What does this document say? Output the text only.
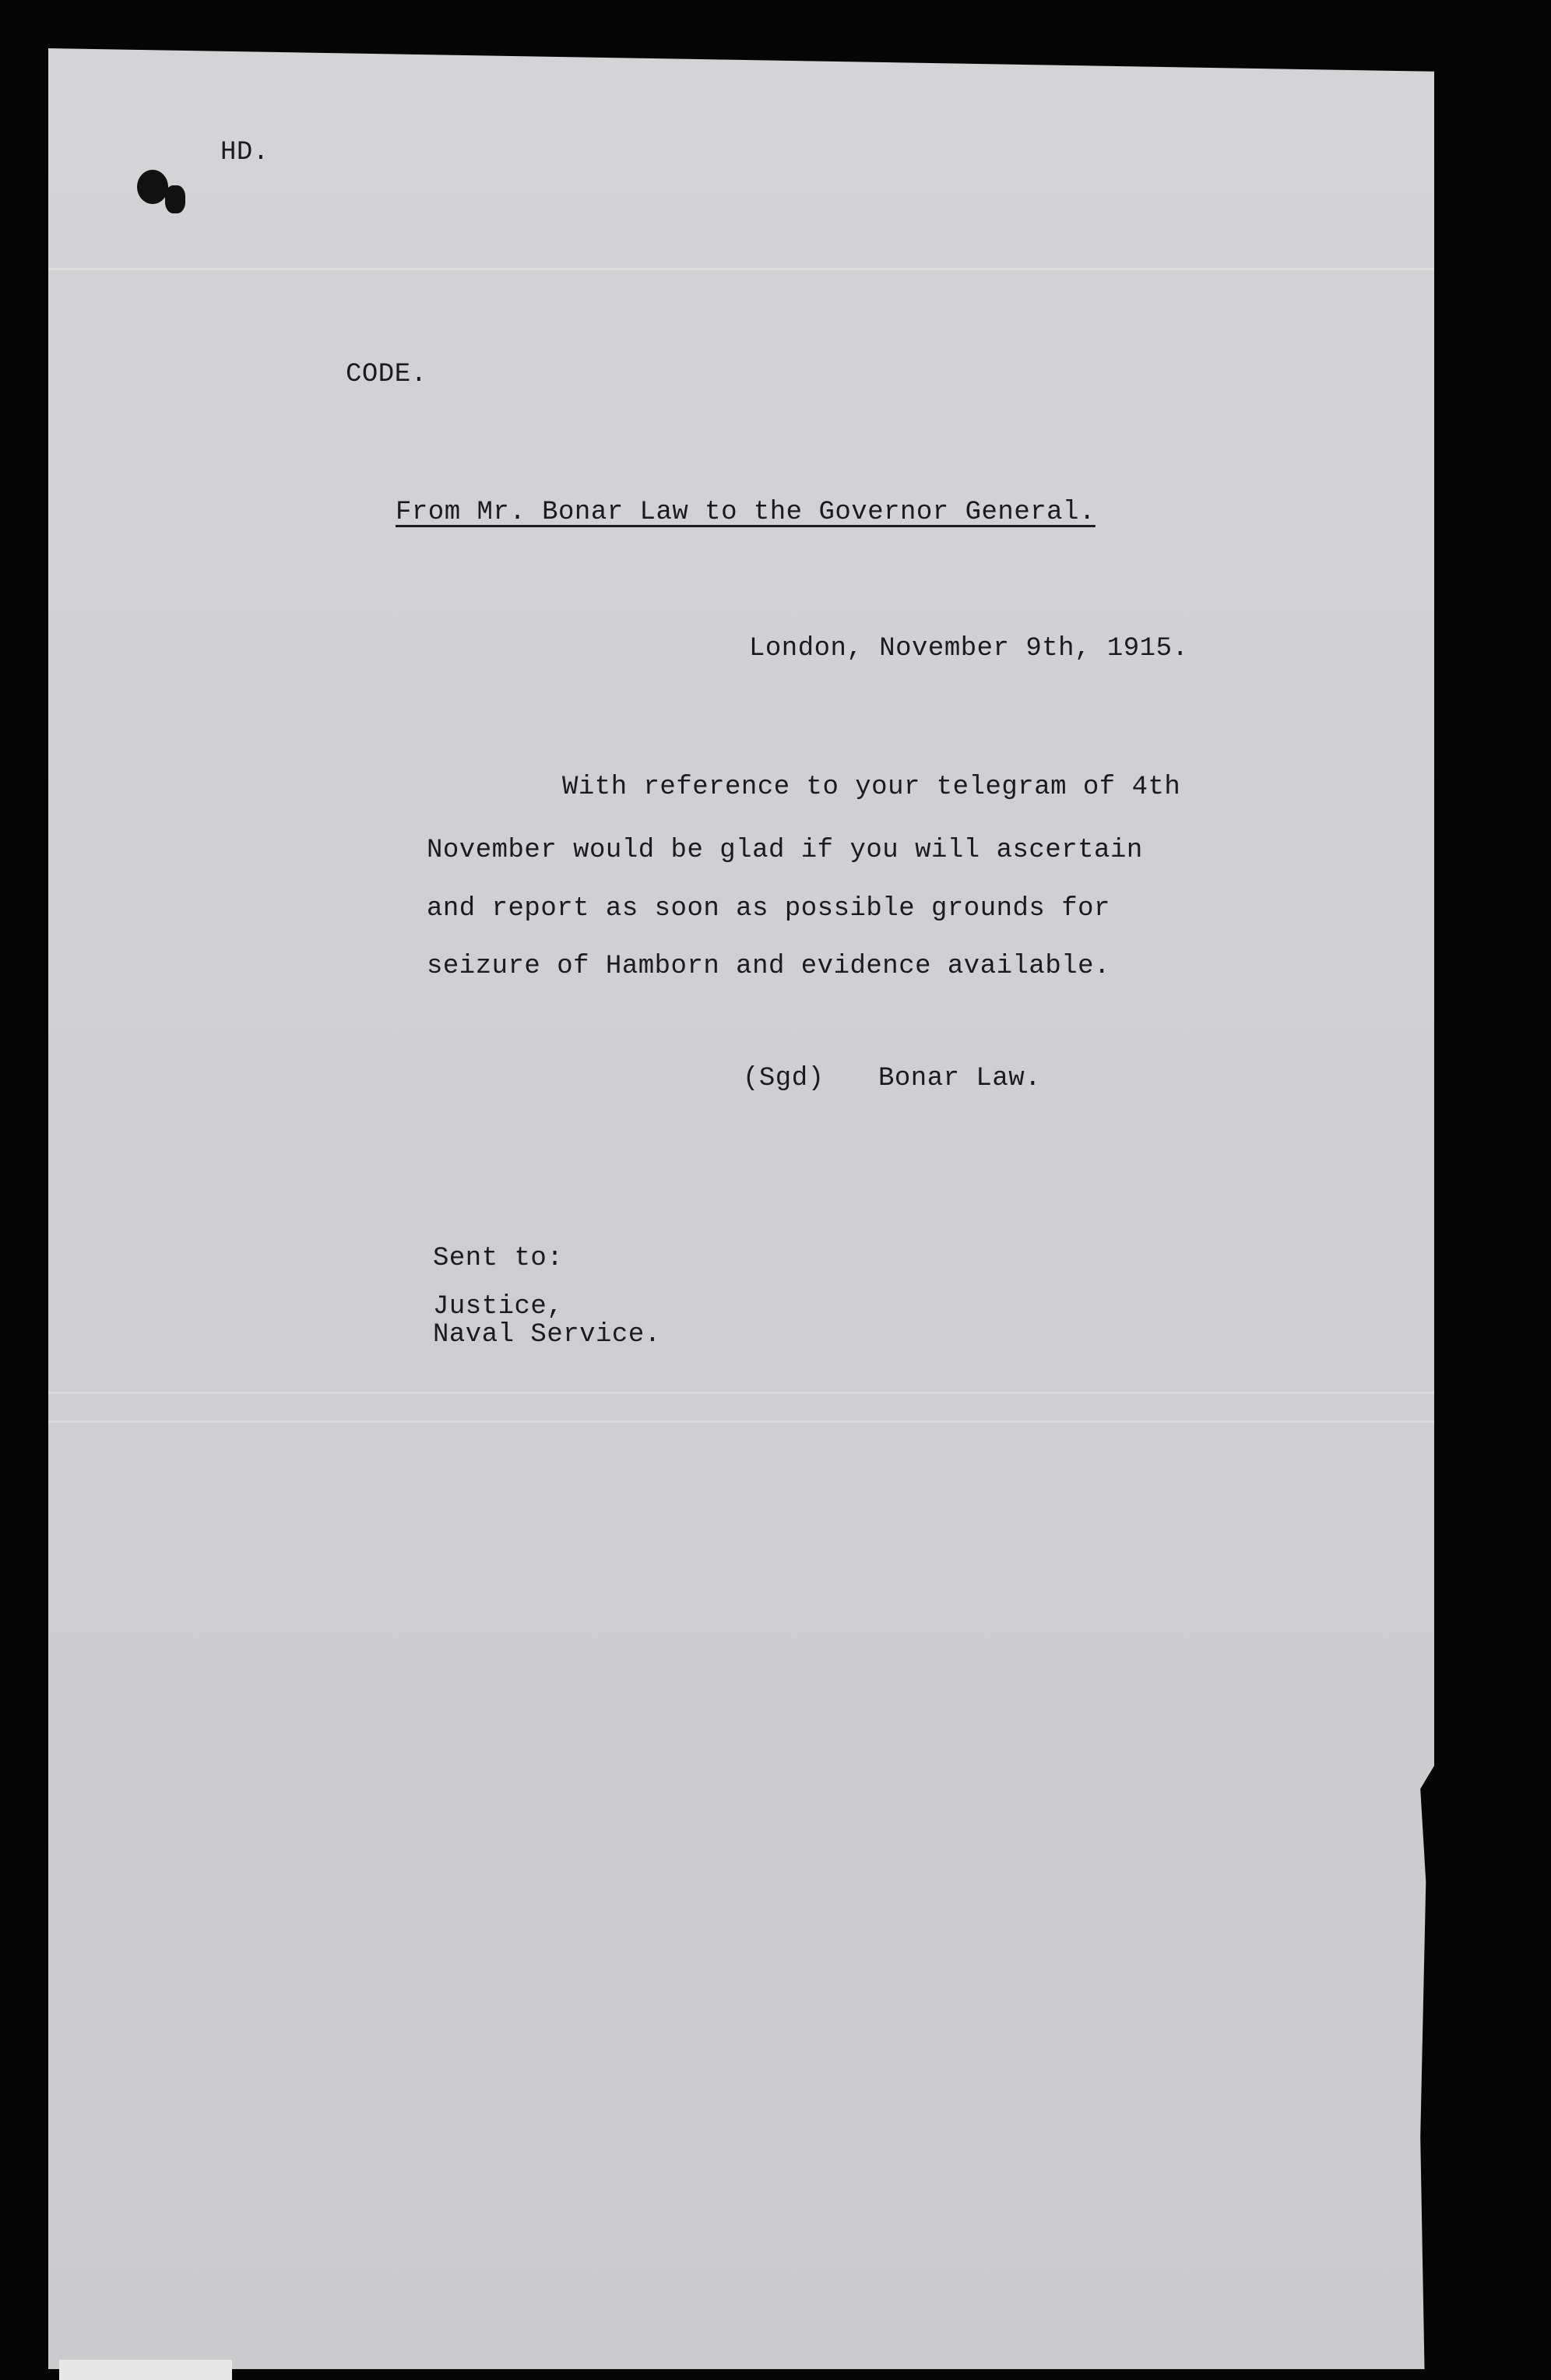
HD.
CODE.
From Mr. Bonar Law to the Governor General.
London, November 9th, 1915.
With reference to your telegram of 4th
November would be glad if you will ascertain
and report as soon as possible grounds for
seizure of Hamborn and evidence available.
(Sgd) Bonar Law.
Sent to:
Justice,
Naval Service.
